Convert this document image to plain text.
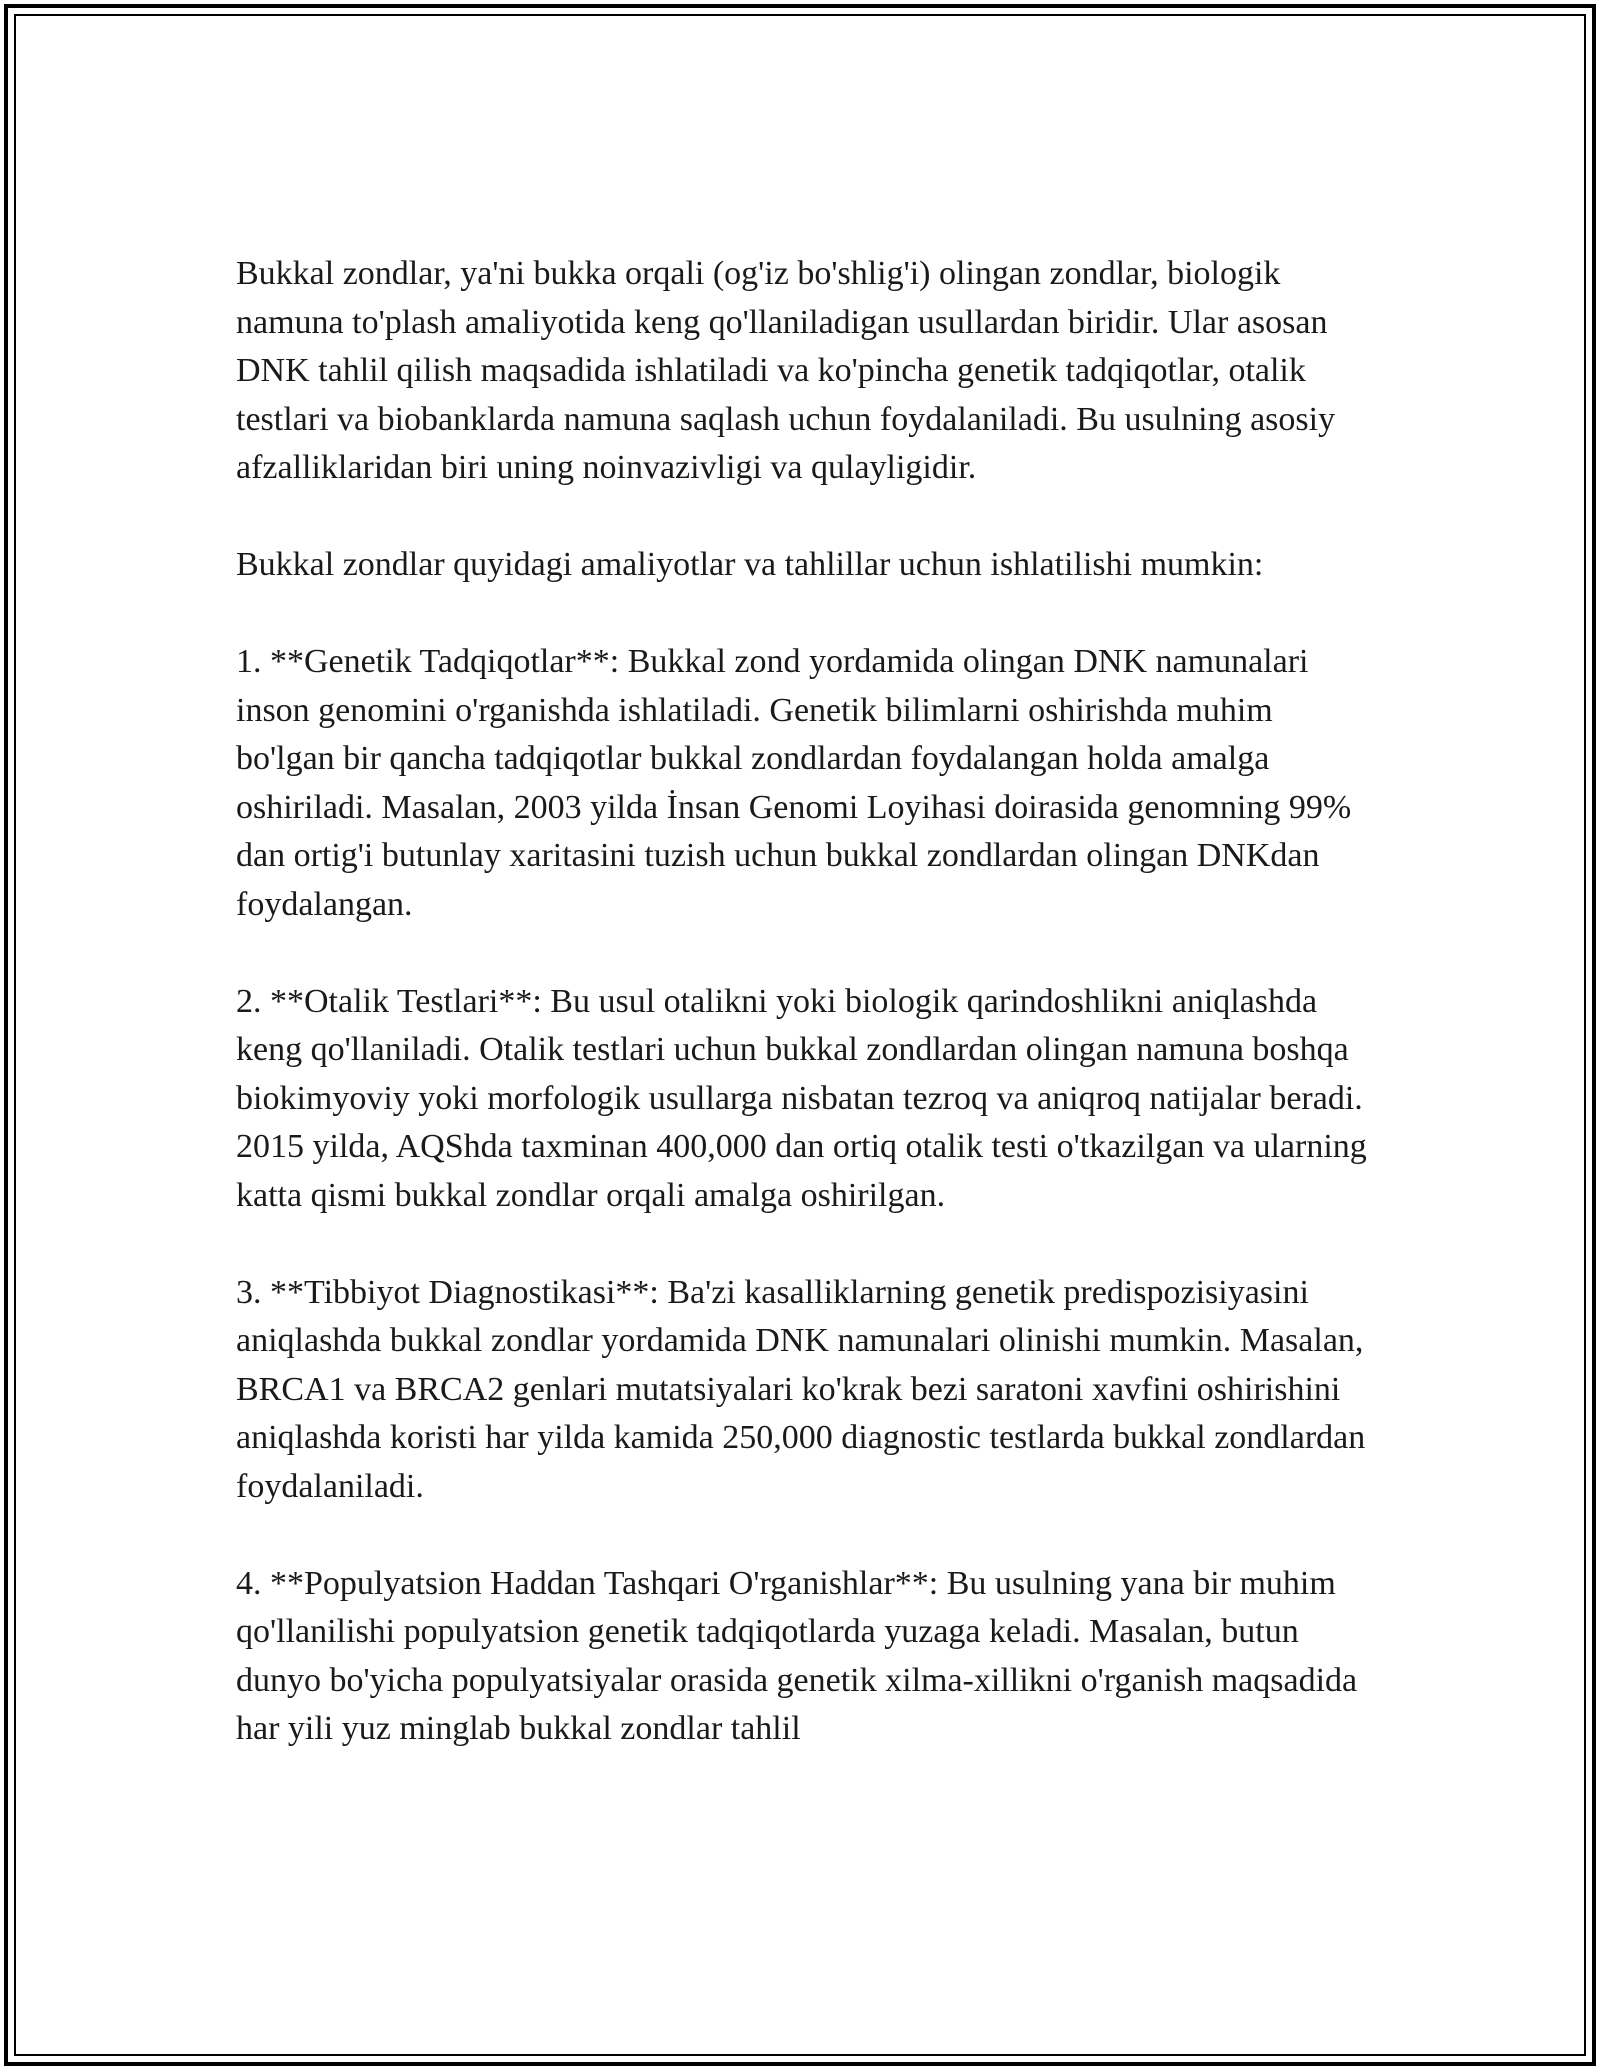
Bukkal zondlar, ya'ni bukka orqali (og'iz bo'shlig'i) olingan zondlar, biologik namuna to'plash amaliyotida keng qo'llaniladigan usullardan biridir. Ular asosan DNK tahlil qilish maqsadida ishlatiladi va ko'pincha genetik tadqiqotlar, otalik testlari va biobanklarda namuna saqlash uchun foydalaniladi. Bu usulning asosiy afzalliklaridan biri uning noinvazivligi va qulayligidir.

Bukkal zondlar quyidagi amaliyotlar va tahlillar uchun ishlatilishi mumkin:

1. **Genetik Tadqiqotlar**: Bukkal zond yordamida olingan DNK namunalari inson genomini o'rganishda ishlatiladi. Genetik bilimlarni oshirishda muhim bo'lgan bir qancha tadqiqotlar bukkal zondlardan foydalangan holda amalga oshiriladi. Masalan, 2003 yilda İnsan Genomi Loyihasi doirasida genomning 99% dan ortig'i butunlay xaritasini tuzish uchun bukkal zondlardan olingan DNKdan foydalangan.

2. **Otalik Testlari**: Bu usul otalikni yoki biologik qarindoshlikni aniqlashda keng qo'llaniladi. Otalik testlari uchun bukkal zondlardan olingan namuna boshqa biokimyoviy yoki morfologik usullarga nisbatan tezroq va aniqroq natijalar beradi. 2015 yilda, AQShda taxminan 400,000 dan ortiq otalik testi o'tkazilgan va ularning katta qismi bukkal zondlar orqali amalga oshirilgan.

3. **Tibbiyot Diagnostikasi**: Ba'zi kasalliklarning genetik predispozisiyasini aniqlashda bukkal zondlar yordamida DNK namunalari olinishi mumkin. Masalan, BRCA1 va BRCA2 genlari mutatsiyalari ko'krak bezi saratoni xavfini oshirishini aniqlashda koristi har yilda kamida 250,000 diagnostic testlarda bukkal zondlardan foydalaniladi.

4. **Populyatsion Haddan Tashqari O'rganishlar**: Bu usulning yana bir muhim qo'llanilishi populyatsion genetik tadqiqotlarda yuzaga keladi. Masalan, butun dunyo bo'yicha populyatsiyalar orasida genetik xilma-xillikni o'rganish maqsadida har yili yuz minglab bukkal zondlar tahlil
